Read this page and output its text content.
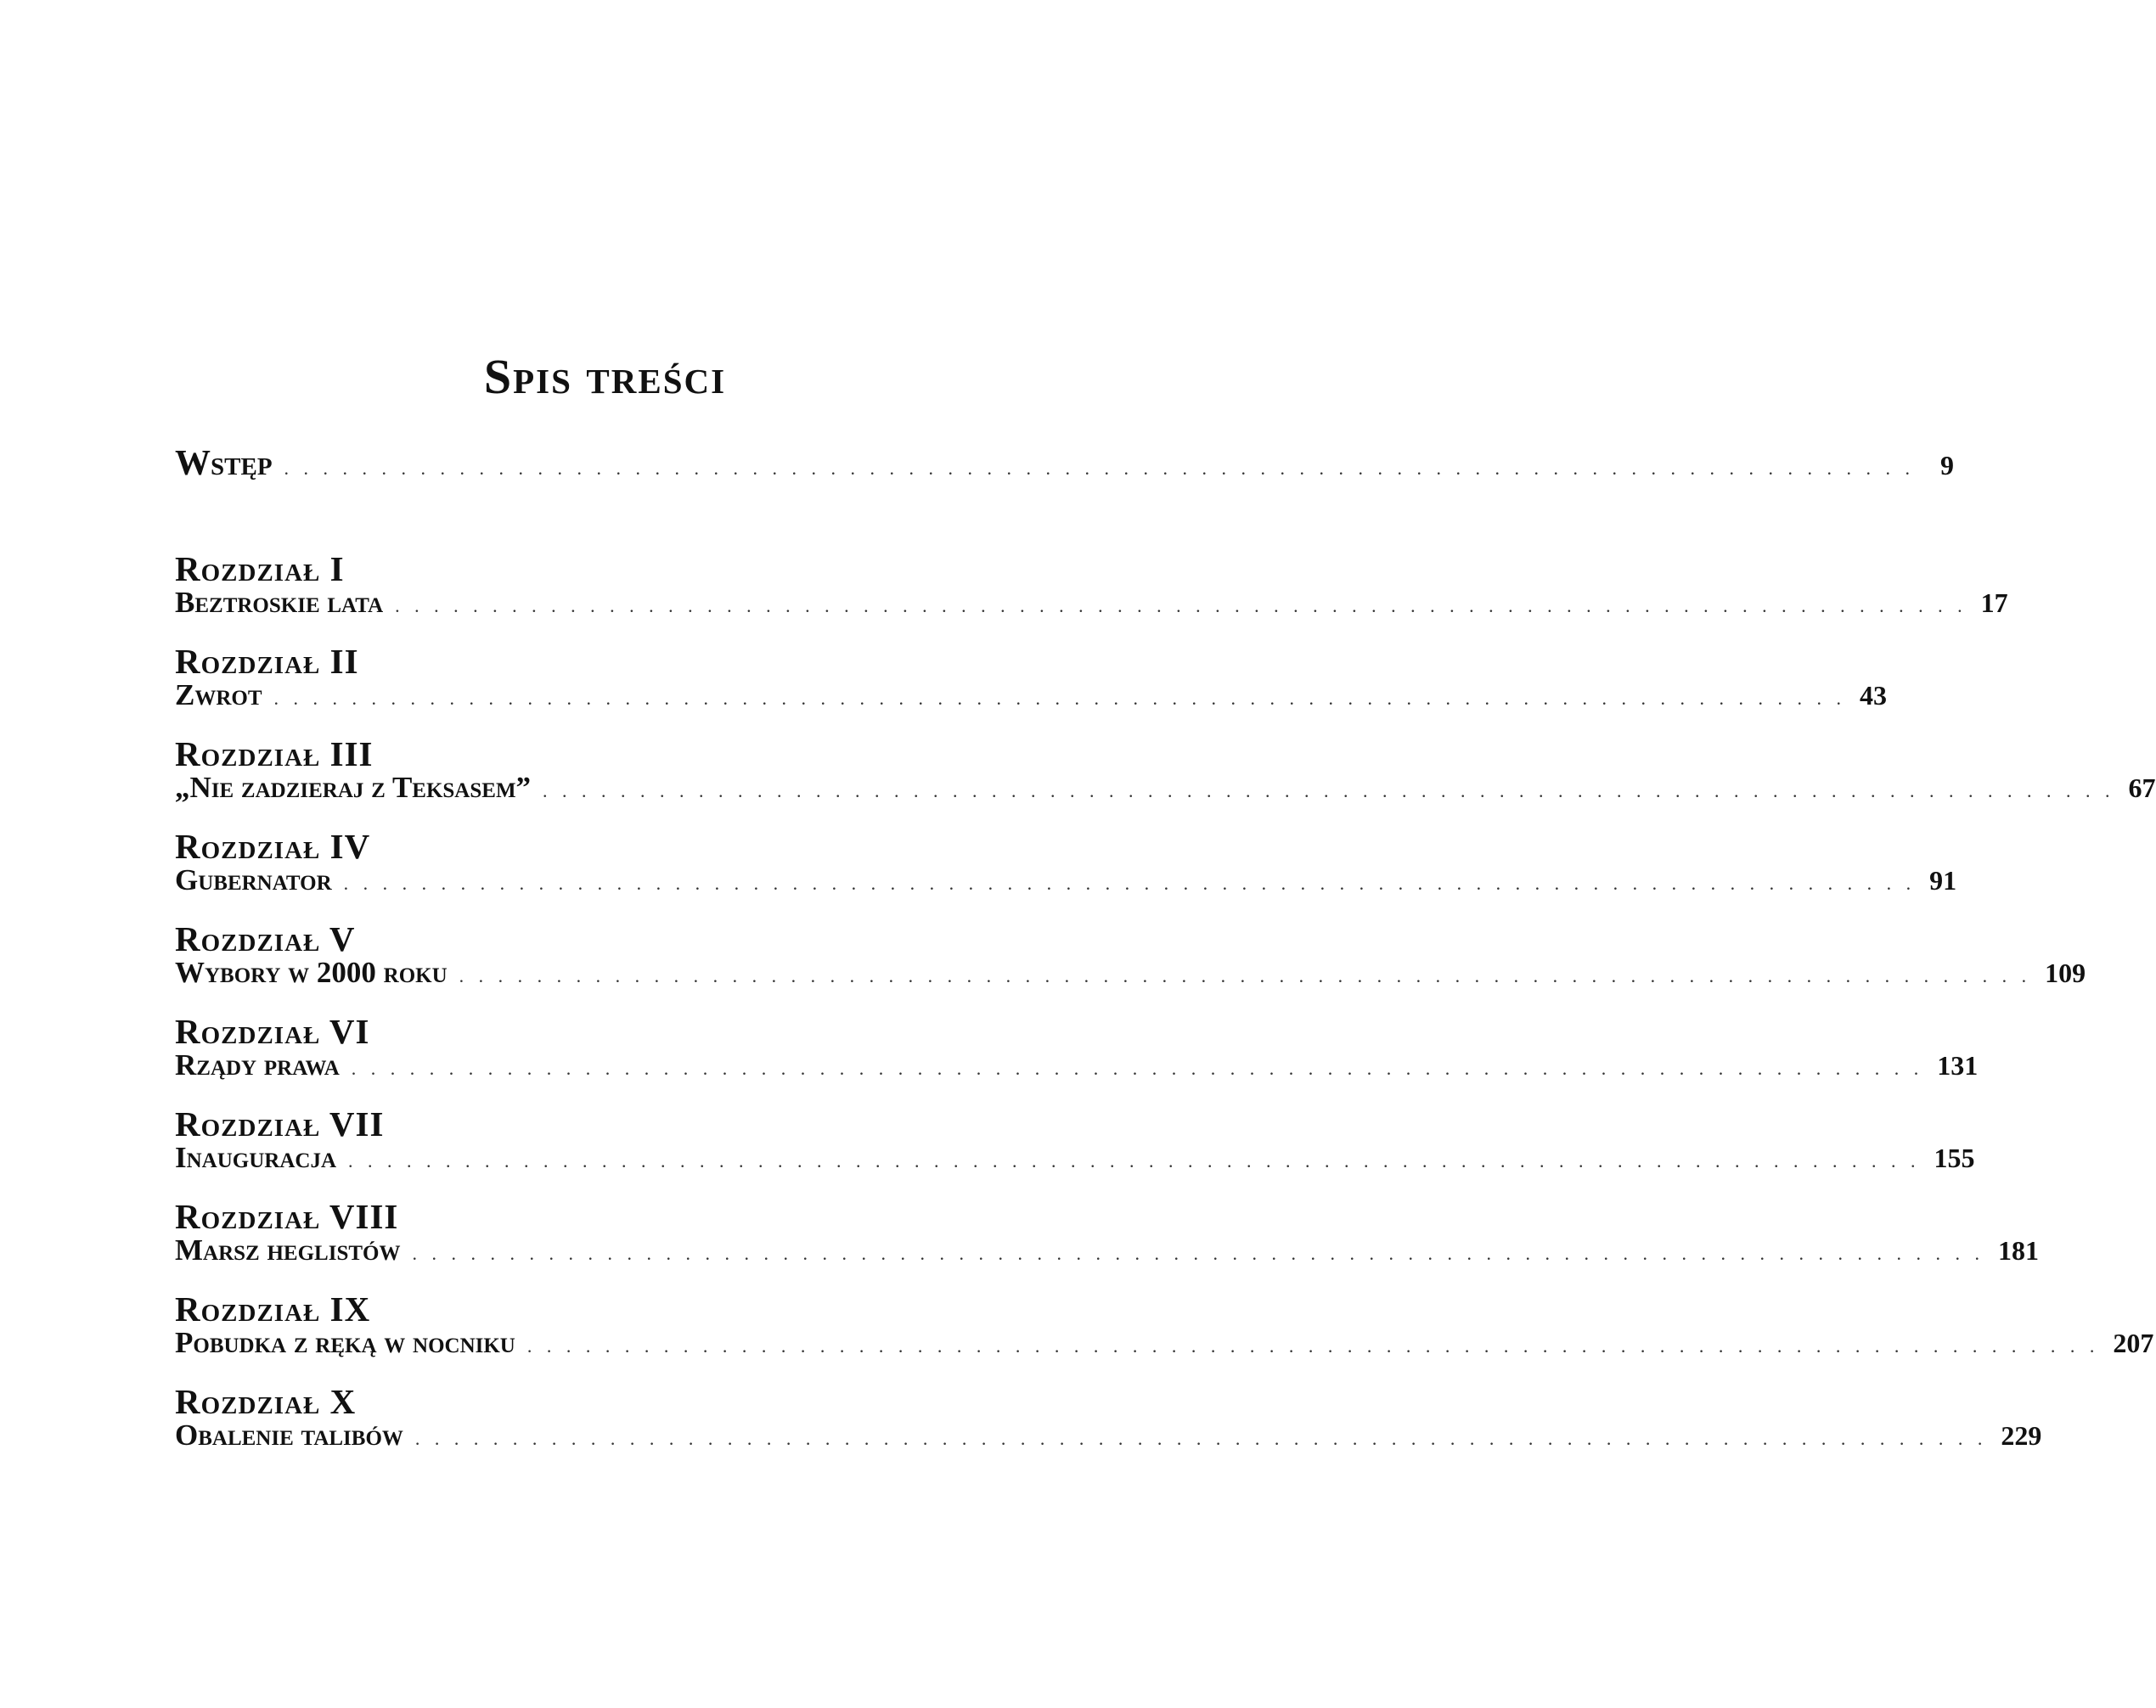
Spis treści
Wstęp . . . . . . . . . . . . . . . . . . . . . . . . . . . . . . . . . . . . . . . . . . . . . . . . . . . . . . . . . . . . . . . . . . . . . . . . . . . . . . . . . . . . 9
Rozdział I
Beztroskie lata . . . . . . . . . . . . . . . . . . . . . . . . . . . . . . . . . . . . . . . . . . . . . . . . . . . . . . . . . . . . . . . . . . . . . . . . . . . . . . . . . 17
Rozdział II
Zwrot . . . . . . . . . . . . . . . . . . . . . . . . . . . . . . . . . . . . . . . . . . . . . . . . . . . . . . . . . . . . . . . . . . . . . . . . . . . . . . . . . 43
Rozdział III
„Nie zadzieraj z Teksasem” . . . . . . . . . . . . . . . . . . . . . . . . . . . . . . . . . . . . . . . . . . . . . . . . . . . . . . . . . . . . . . . . . . . . . . . . . . . . . . . . . 67
Rozdział IV
Gubernator . . . . . . . . . . . . . . . . . . . . . . . . . . . . . . . . . . . . . . . . . . . . . . . . . . . . . . . . . . . . . . . . . . . . . . . . . . . . . . . . . 91
Rozdział V
Wybory w 2000 roku . . . . . . . . . . . . . . . . . . . . . . . . . . . . . . . . . . . . . . . . . . . . . . . . . . . . . . . . . . . . . . . . . . . . . . . . . . . . . . . . . 109
Rozdział VI
Rządy prawa . . . . . . . . . . . . . . . . . . . . . . . . . . . . . . . . . . . . . . . . . . . . . . . . . . . . . . . . . . . . . . . . . . . . . . . . . . . . . . . . . 131
Rozdział VII
Inauguracja . . . . . . . . . . . . . . . . . . . . . . . . . . . . . . . . . . . . . . . . . . . . . . . . . . . . . . . . . . . . . . . . . . . . . . . . . . . . . . . . . 155
Rozdział VIII
Marsz heglistów . . . . . . . . . . . . . . . . . . . . . . . . . . . . . . . . . . . . . . . . . . . . . . . . . . . . . . . . . . . . . . . . . . . . . . . . . . . . . . . . . 181
Rozdział IX
Pobudka z ręką w nocniku . . . . . . . . . . . . . . . . . . . . . . . . . . . . . . . . . . . . . . . . . . . . . . . . . . . . . . . . . . . . . . . . . . . . . . . . . . . . . . . . . 207
Rozdział X
Obalenie talibów . . . . . . . . . . . . . . . . . . . . . . . . . . . . . . . . . . . . . . . . . . . . . . . . . . . . . . . . . . . . . . . . . . . . . . . . . . . . . . . . . 229
